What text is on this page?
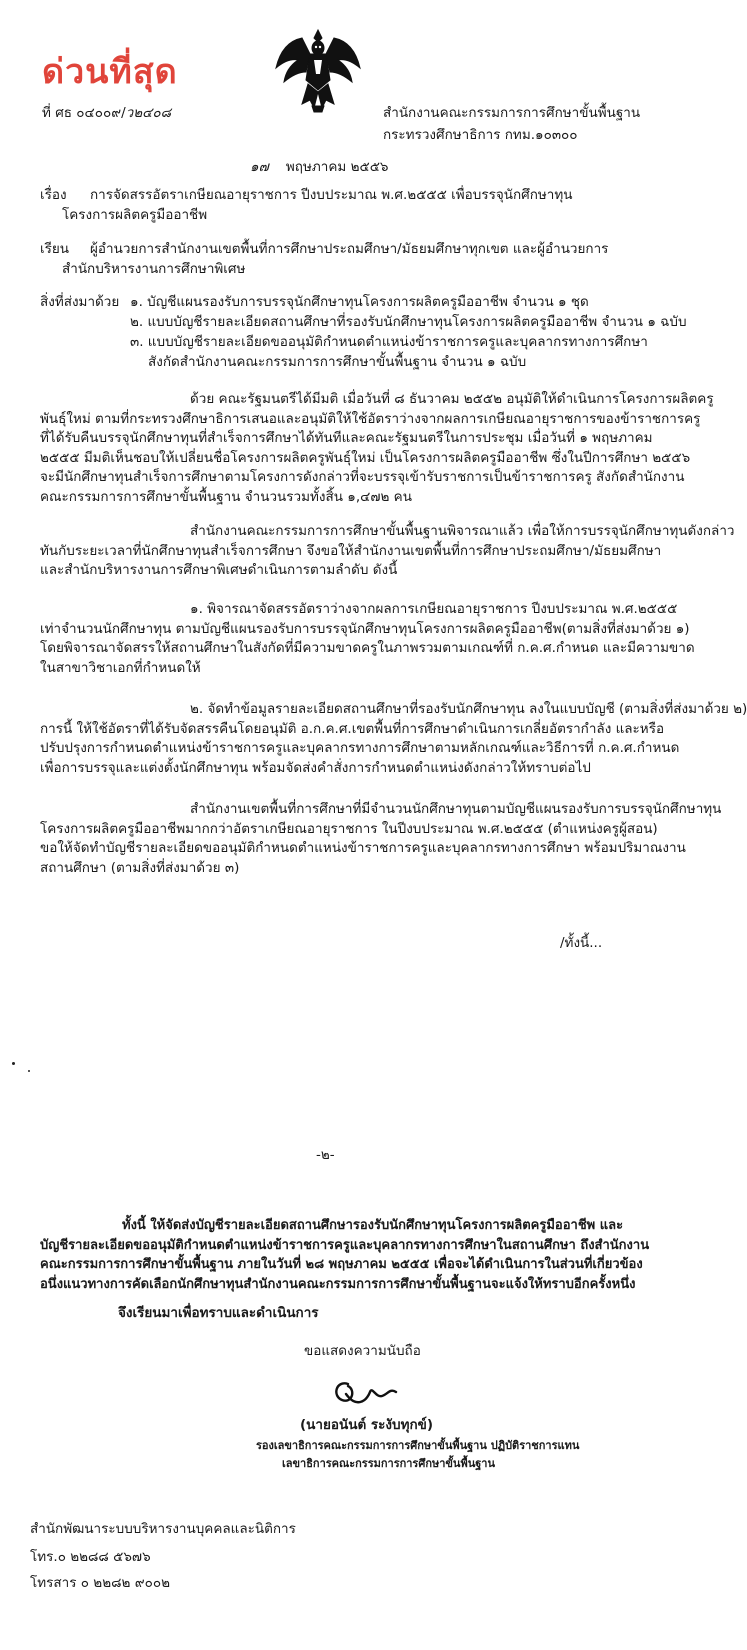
ด่วนที่สุด
ที่ ศธ ๐๔๐๐๙/ว๒๔๐๘	สำนักงานคณะกรรมการการศึกษาขั้นพื้นฐาน
กระทรวงศึกษาธิการ กทม.๑๐๓๐๐
๑๗ พฤษภาคม ๒๕๕๖
เรื่อง การจัดสรรอัตราเกษียณอายุราชการ ปีงบประมาณ พ.ศ.๒๕๕๕ เพื่อบรรจุนักศึกษาทุน
โครงการผลิตครูมืออาชีพ
เรียน ผู้อำนวยการสำนักงานเขตพื้นที่การศึกษาประถมศึกษา/มัธยมศึกษาทุกเขต และผู้อำนวยการ
สำนักบริหารงานการศึกษาพิเศษ
สิ่งที่ส่งมาด้วย ๑. บัญชีแผนรองรับการบรรจุนักศึกษาทุนโครงการผลิตครูมืออาชีพ จำนวน ๑ ชุด
๒. แบบบัญชีรายละเอียดสถานศึกษาที่รองรับนักศึกษาทุนโครงการผลิตครูมืออาชีพ จำนวน ๑ ฉบับ
๓. แบบบัญชีรายละเอียดขออนุมัติกำหนดตำแหน่งข้าราชการครูและบุคลากรทางการศึกษา
สังกัดสำนักงานคณะกรรมการการศึกษาขั้นพื้นฐาน จำนวน ๑ ฉบับ
ด้วย คณะรัฐมนตรีได้มีมติ เมื่อวันที่ ๘ ธันวาคม ๒๕๕๒ อนุมัติให้ดำเนินการโครงการผลิตครู
พันธุ์ใหม่ ตามที่กระทรวงศึกษาธิการเสนอและอนุมัติให้ใช้อัตราว่างจากผลการเกษียณอายุราชการของข้าราชการครู
ที่ได้รับคืนบรรจุนักศึกษาทุนที่สำเร็จการศึกษาได้ทันทีและคณะรัฐมนตรีในการประชุม เมื่อวันที่ ๑ พฤษภาคม
๒๕๕๕ มีมติเห็นชอบให้เปลี่ยนชื่อโครงการผลิตครูพันธุ์ใหม่ เป็นโครงการผลิตครูมืออาชีพ ซึ่งในปีการศึกษา ๒๕๕๖
จะมีนักศึกษาทุนสำเร็จการศึกษาตามโครงการดังกล่าวที่จะบรรจุเข้ารับราชการเป็นข้าราชการครู สังกัดสำนักงาน
คณะกรรมการการศึกษาขั้นพื้นฐาน จำนวนรวมทั้งสิ้น ๑,๔๗๒ คน
สำนักงานคณะกรรมการการศึกษาขั้นพื้นฐานพิจารณาแล้ว เพื่อให้การบรรจุนักศึกษาทุนดังกล่าว
ทันกับระยะเวลาที่นักศึกษาทุนสำเร็จการศึกษา จึงขอให้สำนักงานเขตพื้นที่การศึกษาประถมศึกษา/มัธยมศึกษา
และสำนักบริหารงานการศึกษาพิเศษดำเนินการตามลำดับ ดังนี้
๑. พิจารณาจัดสรรอัตราว่างจากผลการเกษียณอายุราชการ ปีงบประมาณ พ.ศ.๒๕๕๕
เท่าจำนวนนักศึกษาทุน ตามบัญชีแผนรองรับการบรรจุนักศึกษาทุนโครงการผลิตครูมืออาชีพ(ตามสิ่งที่ส่งมาด้วย ๑)
โดยพิจารณาจัดสรรให้สถานศึกษาในสังกัดที่มีความขาดครูในภาพรวมตามเกณฑ์ที่ ก.ค.ศ.กำหนด และมีความขาด
ในสาขาวิชาเอกที่กำหนดให้
๒. จัดทำข้อมูลรายละเอียดสถานศึกษาที่รองรับนักศึกษาทุน ลงในแบบบัญชี (ตามสิ่งที่ส่งมาด้วย ๒)
การนี้ ให้ใช้อัตราที่ได้รับจัดสรรคืนโดยอนุมัติ อ.ก.ค.ศ.เขตพื้นที่การศึกษาดำเนินการเกลี่ยอัตรากำลัง และหรือ
ปรับปรุงการกำหนดตำแหน่งข้าราชการครูและบุคลากรทางการศึกษาตามหลักเกณฑ์และวิธีการที่ ก.ค.ศ.กำหนด
เพื่อการบรรจุและแต่งตั้งนักศึกษาทุน พร้อมจัดส่งคำสั่งการกำหนดตำแหน่งดังกล่าวให้ทราบต่อไป
สำนักงานเขตพื้นที่การศึกษาที่มีจำนวนนักศึกษาทุนตามบัญชีแผนรองรับการบรรจุนักศึกษาทุน
โครงการผลิตครูมืออาชีพมากกว่าอัตราเกษียณอายุราชการ ในปีงบประมาณ พ.ศ.๒๕๕๕ (ตำแหน่งครูผู้สอน)
ขอให้จัดทำบัญชีรายละเอียดขออนุมัติกำหนดตำแหน่งข้าราชการครูและบุคลากรทางการศึกษา พร้อมปริมาณงาน
สถานศึกษา (ตามสิ่งที่ส่งมาด้วย ๓)
/ทั้งนี้...
-๒-
ทั้งนี้ ให้จัดส่งบัญชีรายละเอียดสถานศึกษารองรับนักศึกษาทุนโครงการผลิตครูมืออาชีพ และ
บัญชีรายละเอียดขออนุมัติกำหนดตำแหน่งข้าราชการครูและบุคลากรทางการศึกษาในสถานศึกษา ถึงสำนักงาน
คณะกรรมการการศึกษาขั้นพื้นฐาน ภายในวันที่ ๒๘ พฤษภาคม ๒๕๕๕ เพื่อจะได้ดำเนินการในส่วนที่เกี่ยวข้อง
อนึ่งแนวทางการคัดเลือกนักศึกษาทุนสำนักงานคณะกรรมการการศึกษาขั้นพื้นฐานจะแจ้งให้ทราบอีกครั้งหนึ่ง
จึงเรียนมาเพื่อทราบและดำเนินการ
ขอแสดงความนับถือ
(นายอนันต์ ระงับทุกข์)
รองเลขาธิการคณะกรรมการการศึกษาขั้นพื้นฐาน ปฏิบัติราชการแทน
เลขาธิการคณะกรรมการการศึกษาขั้นพื้นฐาน
สำนักพัฒนาระบบบริหารงานบุคคลและนิติการ
โทร.๐ ๒๒๘๘ ๕๖๗๖
โทรสาร ๐ ๒๒๘๒ ๙๐๐๒
